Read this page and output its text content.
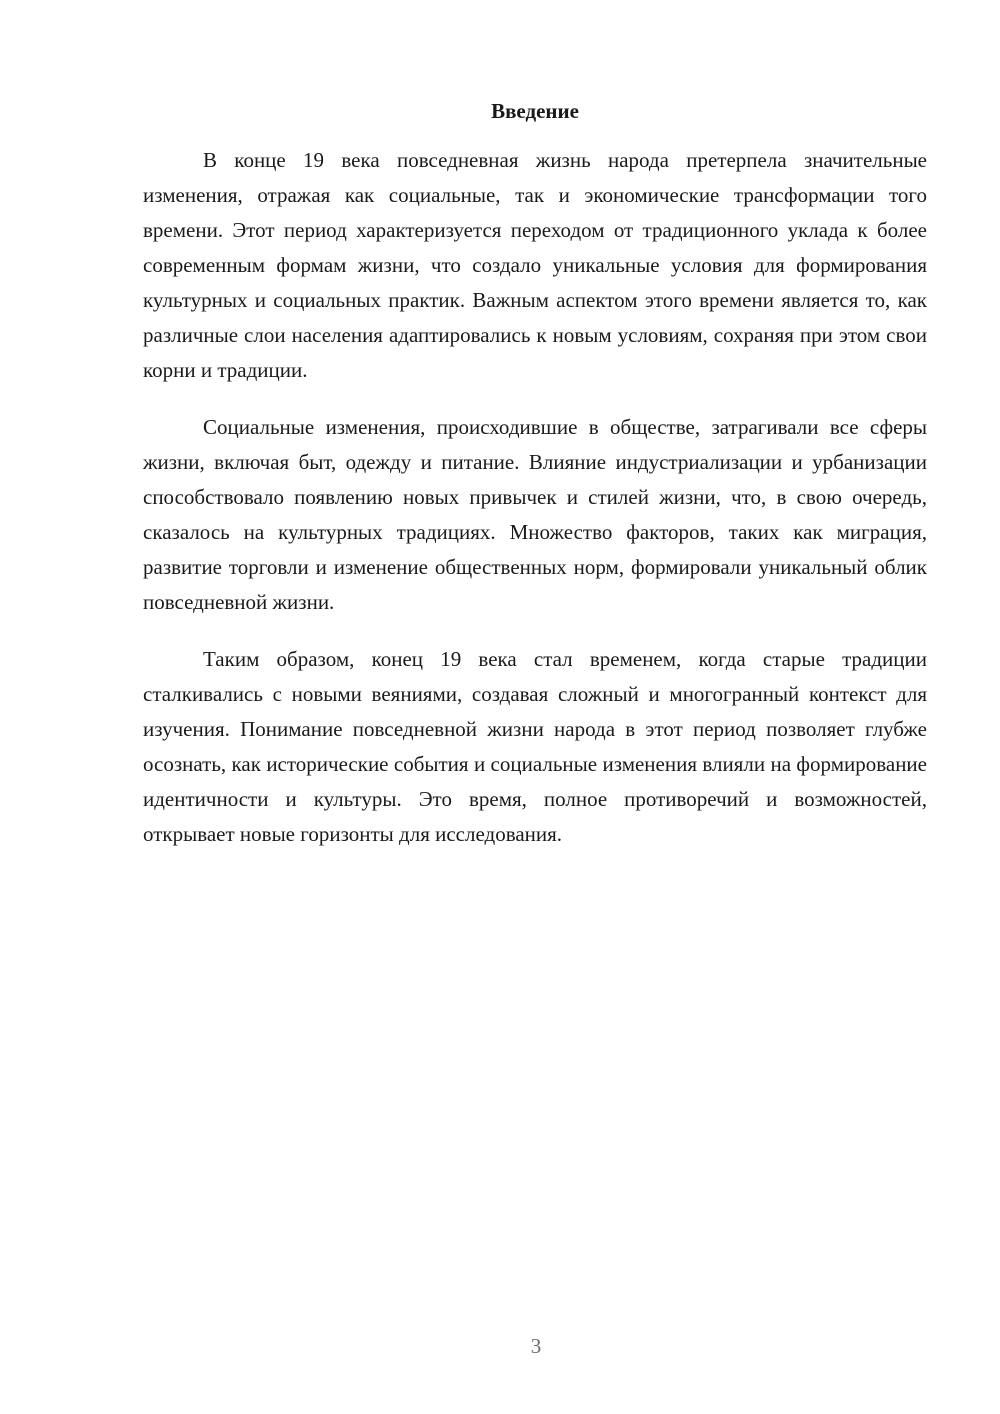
Введение

В конце 19 века повседневная жизнь народа претерпела значительные изменения, отражая как социальные, так и экономические трансформации того времени. Этот период характеризуется переходом от традиционного уклада к более современным формам жизни, что создало уникальные условия для формирования культурных и социальных практик. Важным аспектом этого времени является то, как различные слои населения адаптировались к новым условиям, сохраняя при этом свои корни и традиции.

Социальные изменения, происходившие в обществе, затрагивали все сферы жизни, включая быт, одежду и питание. Влияние индустриализации и урбанизации способствовало появлению новых привычек и стилей жизни, что, в свою очередь, сказалось на культурных традициях. Множество факторов, таких как миграция, развитие торговли и изменение общественных норм, формировали уникальный облик повседневной жизни.

Таким образом, конец 19 века стал временем, когда старые традиции сталкивались с новыми веяниями, создавая сложный и многогранный контекст для изучения. Понимание повседневной жизни народа в этот период позволяет глубже осознать, как исторические события и социальные изменения влияли на формирование идентичности и культуры. Это время, полное противоречий и возможностей, открывает новые горизонты для исследования.

3
